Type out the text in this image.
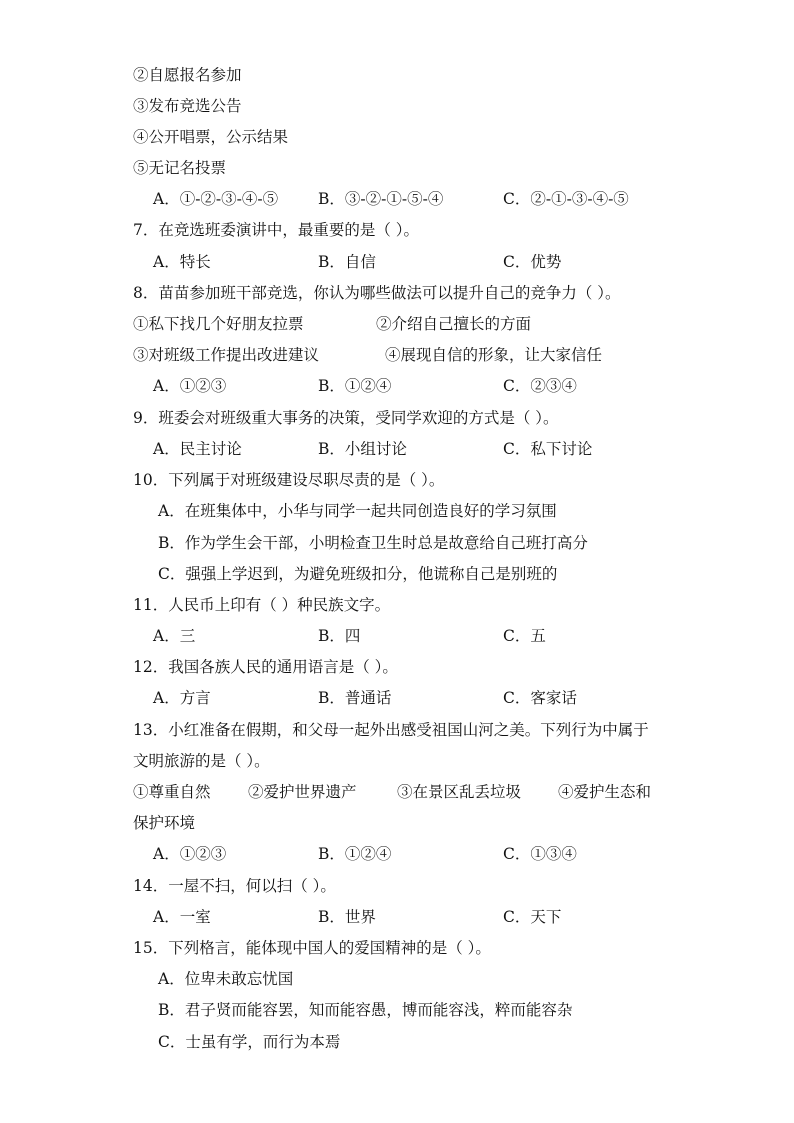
②自愿报名参加
③发布竞选公告
④公开唱票，公示结果
⑤无记名投票
A．①-②-③-④-⑤	B．③-②-①-⑤-④	C．②-①-③-④-⑤
7．在竞选班委演讲中，最重要的是（ ）。
A．特长	B．自信	C．优势
8．苗苗参加班干部竞选，你认为哪些做法可以提升自己的竞争力（ ）。
①私下找几个好朋友拉票	②介绍自己擅长的方面
③对班级工作提出改进建议	④展现自信的形象，让大家信任
A．①②③	B．①②④	C．②③④
9．班委会对班级重大事务的决策，受同学欢迎的方式是（ ）。
A．民主讨论	B．小组讨论	C．私下讨论
10．下列属于对班级建设尽职尽责的是（ ）。
A．在班集体中，小华与同学一起共同创造良好的学习氛围
B．作为学生会干部，小明检查卫生时总是故意给自己班打高分
C．强强上学迟到，为避免班级扣分，他谎称自己是别班的
11．人民币上印有（ ）种民族文字。
A．三	B．四	C．五
12．我国各族人民的通用语言是（ ）。
A．方言	B．普通话	C．客家话
13．小红准备在假期，和父母一起外出感受祖国山河之美。下列行为中属于
文明旅游的是（ ）。
①尊重自然 ②爱护世界遗产	③在景区乱丢垃圾 ④爱护生态和
保护环境
A．①②③	B．①②④	C．①③④
14．一屋不扫，何以扫（ ）。
A．一室	B．世界	C．天下
15．下列格言，能体现中国人的爱国精神的是（ ）。
A．位卑未敢忘忧国
B．君子贤而能容罢，知而能容愚，博而能容浅，粹而能容杂
C．士虽有学，而行为本焉
